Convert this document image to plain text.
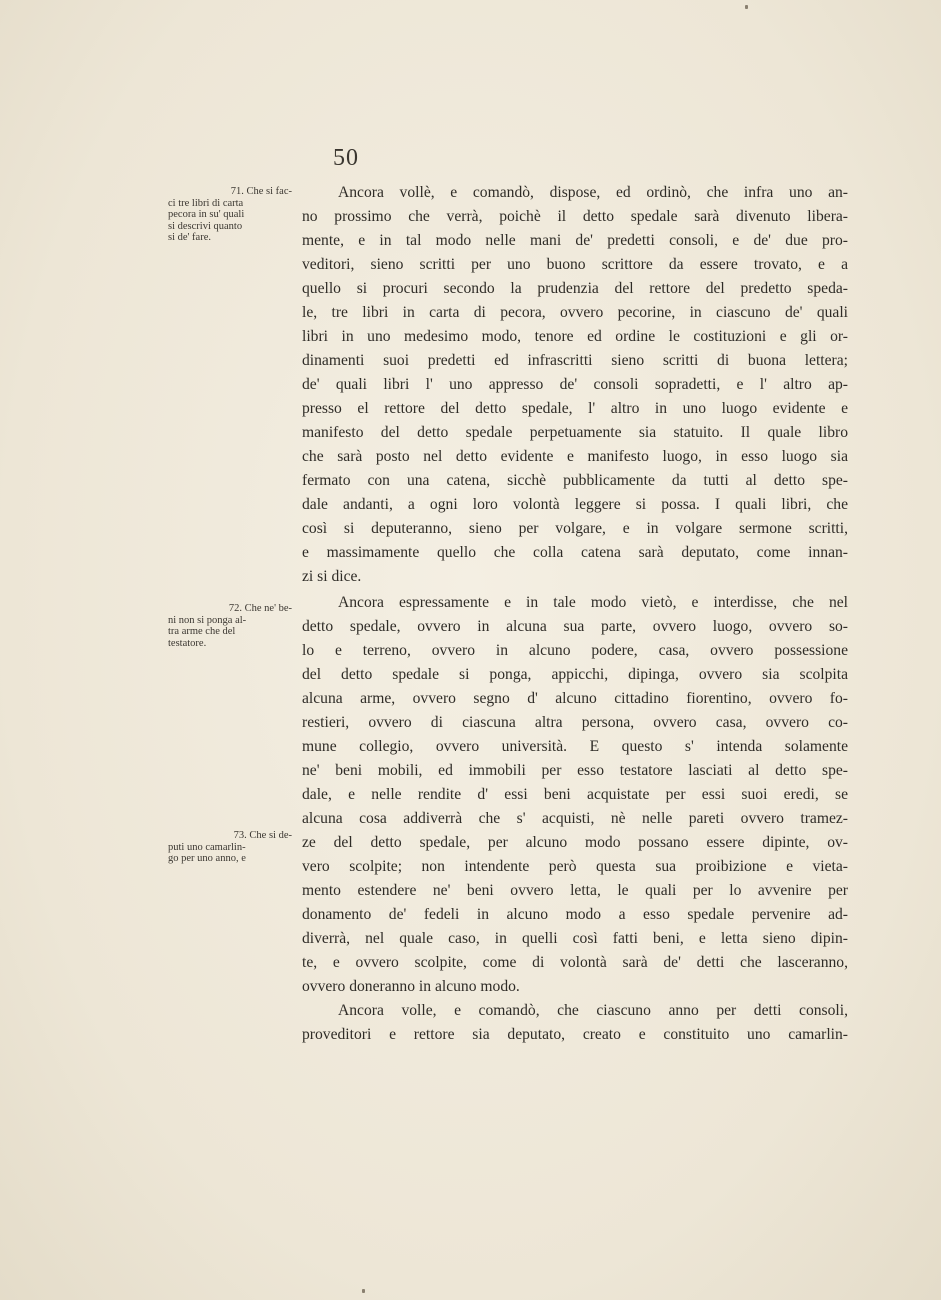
50
71. Che si fac-
ci tre libri di carta
pecora in su' quali
si descrivi quanto
si de' fare.
72. Che ne' be-
ni non si ponga al-
tra arme che del
testatore.
73. Che si de-
puti uno camarlin-
go per uno anno, e
Ancora vollè, e comandò, dispose, ed ordinò, che infra uno an-
no prossimo che verrà, poichè il detto spedale sarà divenuto libera-
mente, e in tal modo nelle mani de' predetti consoli, e de' due pro-
veditori, sieno scritti per uno buono scrittore da essere trovato, e a
quello si procuri secondo la prudenzia del rettore del predetto speda-
le, tre libri in carta di pecora, ovvero pecorine, in ciascuno de' quali
libri in uno medesimo modo, tenore ed ordine le costituzioni e gli or-
dinamenti suoi predetti ed infrascritti sieno scritti di buona lettera;
de' quali libri l' uno appresso de' consoli sopradetti, e l' altro ap-
presso el rettore del detto spedale, l' altro in uno luogo evidente e
manifesto del detto spedale perpetuamente sia statuito. Il quale libro
che sarà posto nel detto evidente e manifesto luogo, in esso luogo sia
fermato con una catena, sicchè pubblicamente da tutti al detto spe-
dale andanti, a ogni loro volontà leggere si possa. I quali libri, che
così si deputeranno, sieno per volgare, e in volgare sermone scritti,
e massimamente quello che colla catena sarà deputato, come innan-
zi si dice.
Ancora espressamente e in tale modo vietò, e interdisse, che nel
detto spedale, ovvero in alcuna sua parte, ovvero luogo, ovvero so-
lo e terreno, ovvero in alcuno podere, casa, ovvero possessione
del detto spedale si ponga, appicchi, dipinga, ovvero sia scolpita
alcuna arme, ovvero segno d' alcuno cittadino fiorentino, ovvero fo-
restieri, ovvero di ciascuna altra persona, ovvero casa, ovvero co-
mune collegio, ovvero università. E questo s' intenda solamente
ne' beni mobili, ed immobili per esso testatore lasciati al detto spe-
dale, e nelle rendite d' essi beni acquistate per essi suoi eredi, se
alcuna cosa addiverrà che s' acquisti, nè nelle pareti ovvero tramez-
ze del detto spedale, per alcuno modo possano essere dipinte, ov-
vero scolpite; non intendente però questa sua proibizione e vieta-
mento estendere ne' beni ovvero letta, le quali per lo avvenire per
donamento de' fedeli in alcuno modo a esso spedale pervenire ad-
diverrà, nel quale caso, in quelli così fatti beni, e letta sieno dipin-
te, e ovvero scolpite, come di volontà sarà de' detti che lasceranno,
ovvero doneranno in alcuno modo.
Ancora volle, e comandò, che ciascuno anno per detti consoli,
proveditori e rettore sia deputato, creato e constituito uno camarlin-
